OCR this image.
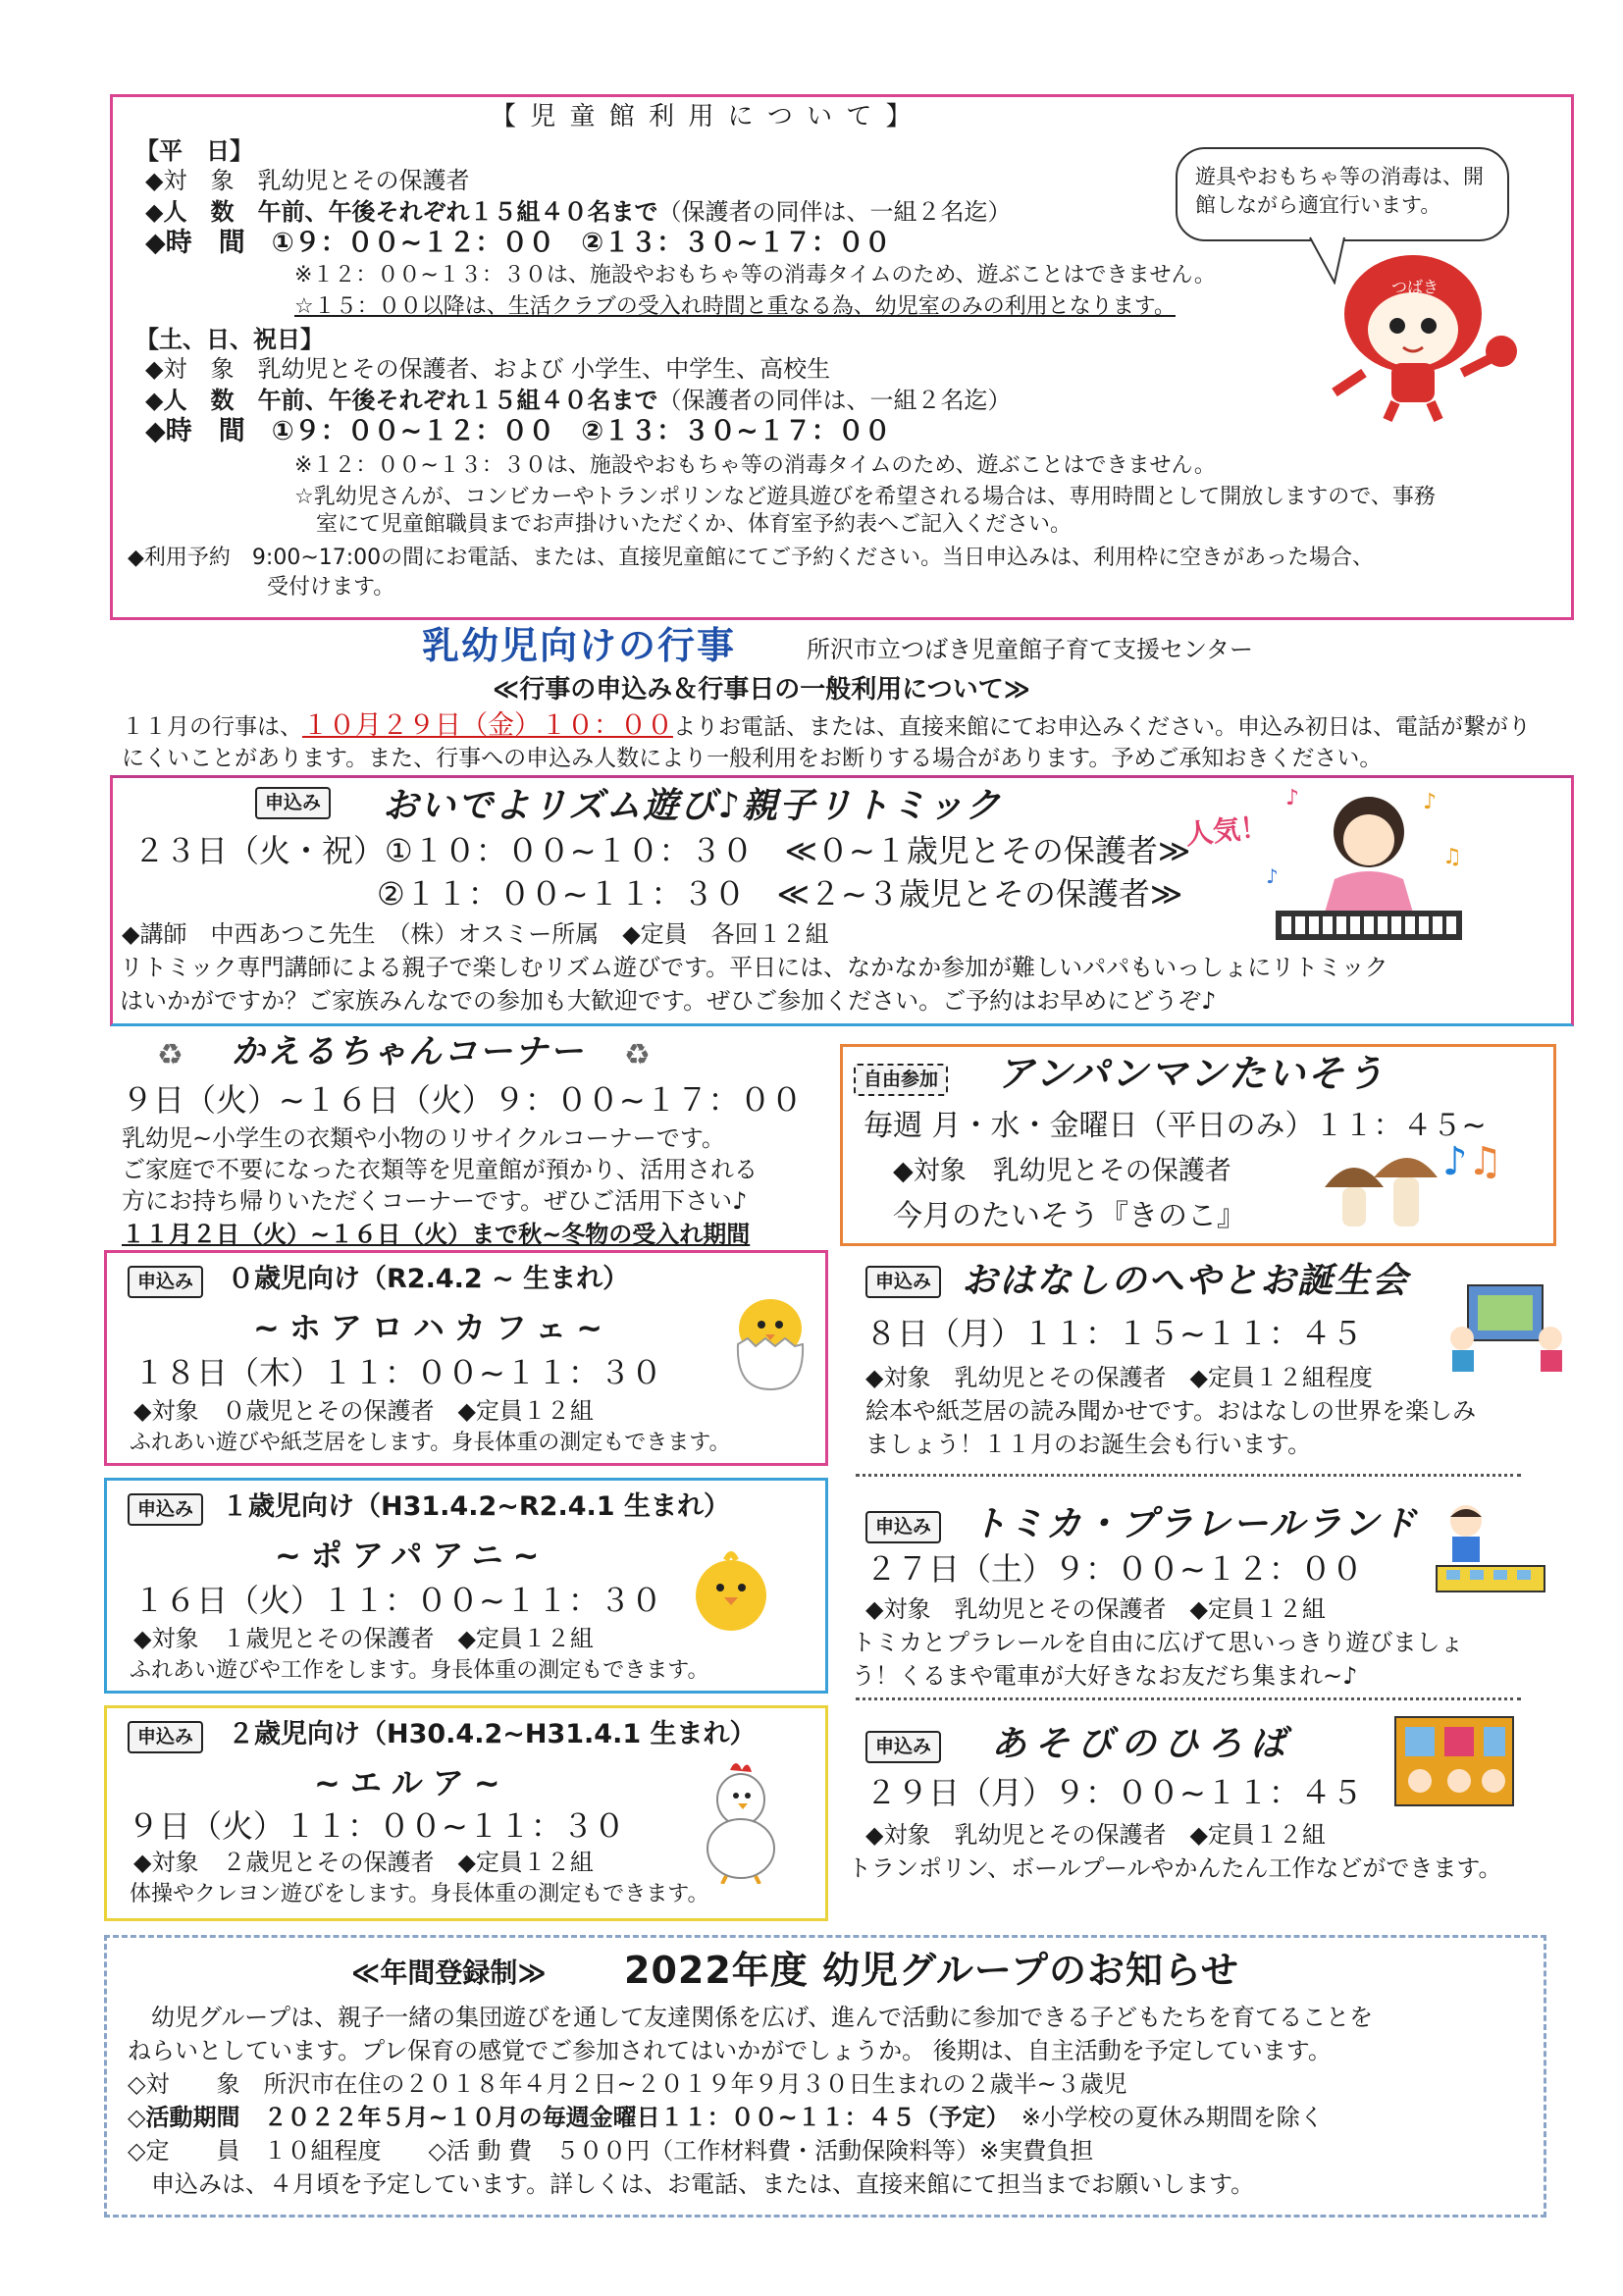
【 児 童 館 利 用 に つ い て 】
【平　日】
◆対　象　乳幼児とその保護者
◆人　数　午前、午後それぞれ１５組４０名まで（保護者の同伴は、一組２名迄）
◆時　間　①９：００~１２：００　②１３：３０~１７：００
※１２：００~１３：３０は、施設やおもちゃ等の消毒タイムのため、遊ぶことはできません。
☆１５：００以降は、生活クラブの受入れ時間と重なる為、幼児室のみの利用となります。
【土、日、祝日】
◆対　象　乳幼児とその保護者、および 小学生、中学生、高校生
◆人　数　午前、午後それぞれ１５組４０名まで（保護者の同伴は、一組２名迄）
◆時　間　①９：００~１２：００　②１３：３０~１７：００
※１２：００~１３：３０は、施設やおもちゃ等の消毒タイムのため、遊ぶことはできません。
☆乳幼児さんが、コンビカーやトランポリンなど遊具遊びを希望される場合は、専用時間として開放しますので、事務
室にて児童館職員までお声掛けいただくか、体育室予約表へご記入ください。
◆利用予約　9:00~17:00の間にお電話、または、直接児童館にてご予約ください。当日申込みは、利用枠に空きがあった場合、
受付けます。
遊具やおもちゃ等の消毒は、開館しながら適宜行います。
つばき
乳幼児向けの行事	所沢市立つばき児童館子育て支援センター
≪行事の申込み＆行事日の一般利用について≫
１１月の行事は、１０月２９日（金）１０：００よりお電話、または、直接来館にてお申込みください。申込み初日は、電話が繋がり
にくいことがあります。また、行事への申込み人数により一般利用をお断りする場合があります。予めご承知おきください。
申込み おいでよリズム遊び♪親子リトミック
２３日（火・祝）①１０：００~１０：３０　≪０~１歳児とその保護者≫
②１１：００~１１：３０　≪２~３歳児とその保護者≫
◆講師　中西あつこ先生　（株）オスミー所属　◆定員　各回１２組
リトミック専門講師による親子で楽しむリズム遊びです。平日には、なかなか参加が難しいパパもいっしょにリトミック
はいかがですか？ご家族みんなでの参加も大歓迎です。ぜひご参加ください。ご予約はお早めにどうぞ♪
人気！
♪	♪
♫
♪
♻ かえるちゃんコーナー ♻
９日（火）~１６日（火）９：００~１７：００
乳幼児~小学生の衣類や小物のリサイクルコーナーです。
ご家庭で不要になった衣類等を児童館が預かり、活用される
方にお持ち帰りいただくコーナーです。ぜひご活用下さい♪
１１月２日（火）~１６日（火）まで秋~冬物の受入れ期間
自由参加 アンパンマンたいそう
毎週 月・水・金曜日（平日のみ）１１：４５~
◆対象　乳幼児とその保護者
今月のたいそう『きのこ』
♪♫
申込み	０歳児向け（R2.4.2 ~ 生まれ）
~ホアロハカフェ~
１８日（木）１１：００~１１：３０
◆対象　０歳児とその保護者　◆定員１２組
ふれあい遊びや紙芝居をします。身長体重の測定もできます。
申込み	１歳児向け（H31.4.2~R2.4.1 生まれ）
~ポアパアニ~
１６日（火）１１：００~１１：３０
◆対象　１歳児とその保護者　◆定員１２組
ふれあい遊びや工作をします。身長体重の測定もできます。
申込み	２歳児向け（H30.4.2~H31.4.1 生まれ）
~エルア~
９日（火）１１：００~１１：３０
◆対象　２歳児とその保護者　◆定員１２組
体操やクレヨン遊びをします。身長体重の測定もできます。
申込み おはなしのへやとお誕生会
８日（月）１１：１５~１１：４５
◆対象　乳幼児とその保護者　◆定員１２組程度
絵本や紙芝居の読み聞かせです。おはなしの世界を楽しみ
ましょう！１１月のお誕生会も行います。
申込み トミカ・プラレールランド
２７日（土）９：００~１２：００
◆対象　乳幼児とその保護者　◆定員１２組
トミカとプラレールを自由に広げて思いっきり遊びましょ
う！くるまや電車が大好きなお友だち集まれ~♪
申込み あそびのひろば
２９日（月）９：００~１１：４５
◆対象　乳幼児とその保護者　◆定員１２組
トランポリン、ボールプールやかんたん工作などができます。
≪年間登録制≫ 2022年度 幼児グループのお知らせ
幼児グループは、親子一緒の集団遊びを通して友達関係を広げ、進んで活動に参加できる子どもたちを育てることを
ねらいとしています。プレ保育の感覚でご参加されてはいかがでしょうか。 後期は、自主活動を予定しています。
◇対　　象　所沢市在住の２０１８年４月２日~２０１９年９月３０日生まれの２歳半~３歳児
◇活動期間　２０２２年５月~１０月の毎週金曜日１１：００~１１：４５（予定）　 ※小学校の夏休み期間を除く
◇定　　員　１０組程度　　◇活 動 費　５００円（工作材料費・活動保険料等）※実費負担
申込みは、４月頃を予定しています。詳しくは、お電話、または、直接来館にて担当までお願いします。
